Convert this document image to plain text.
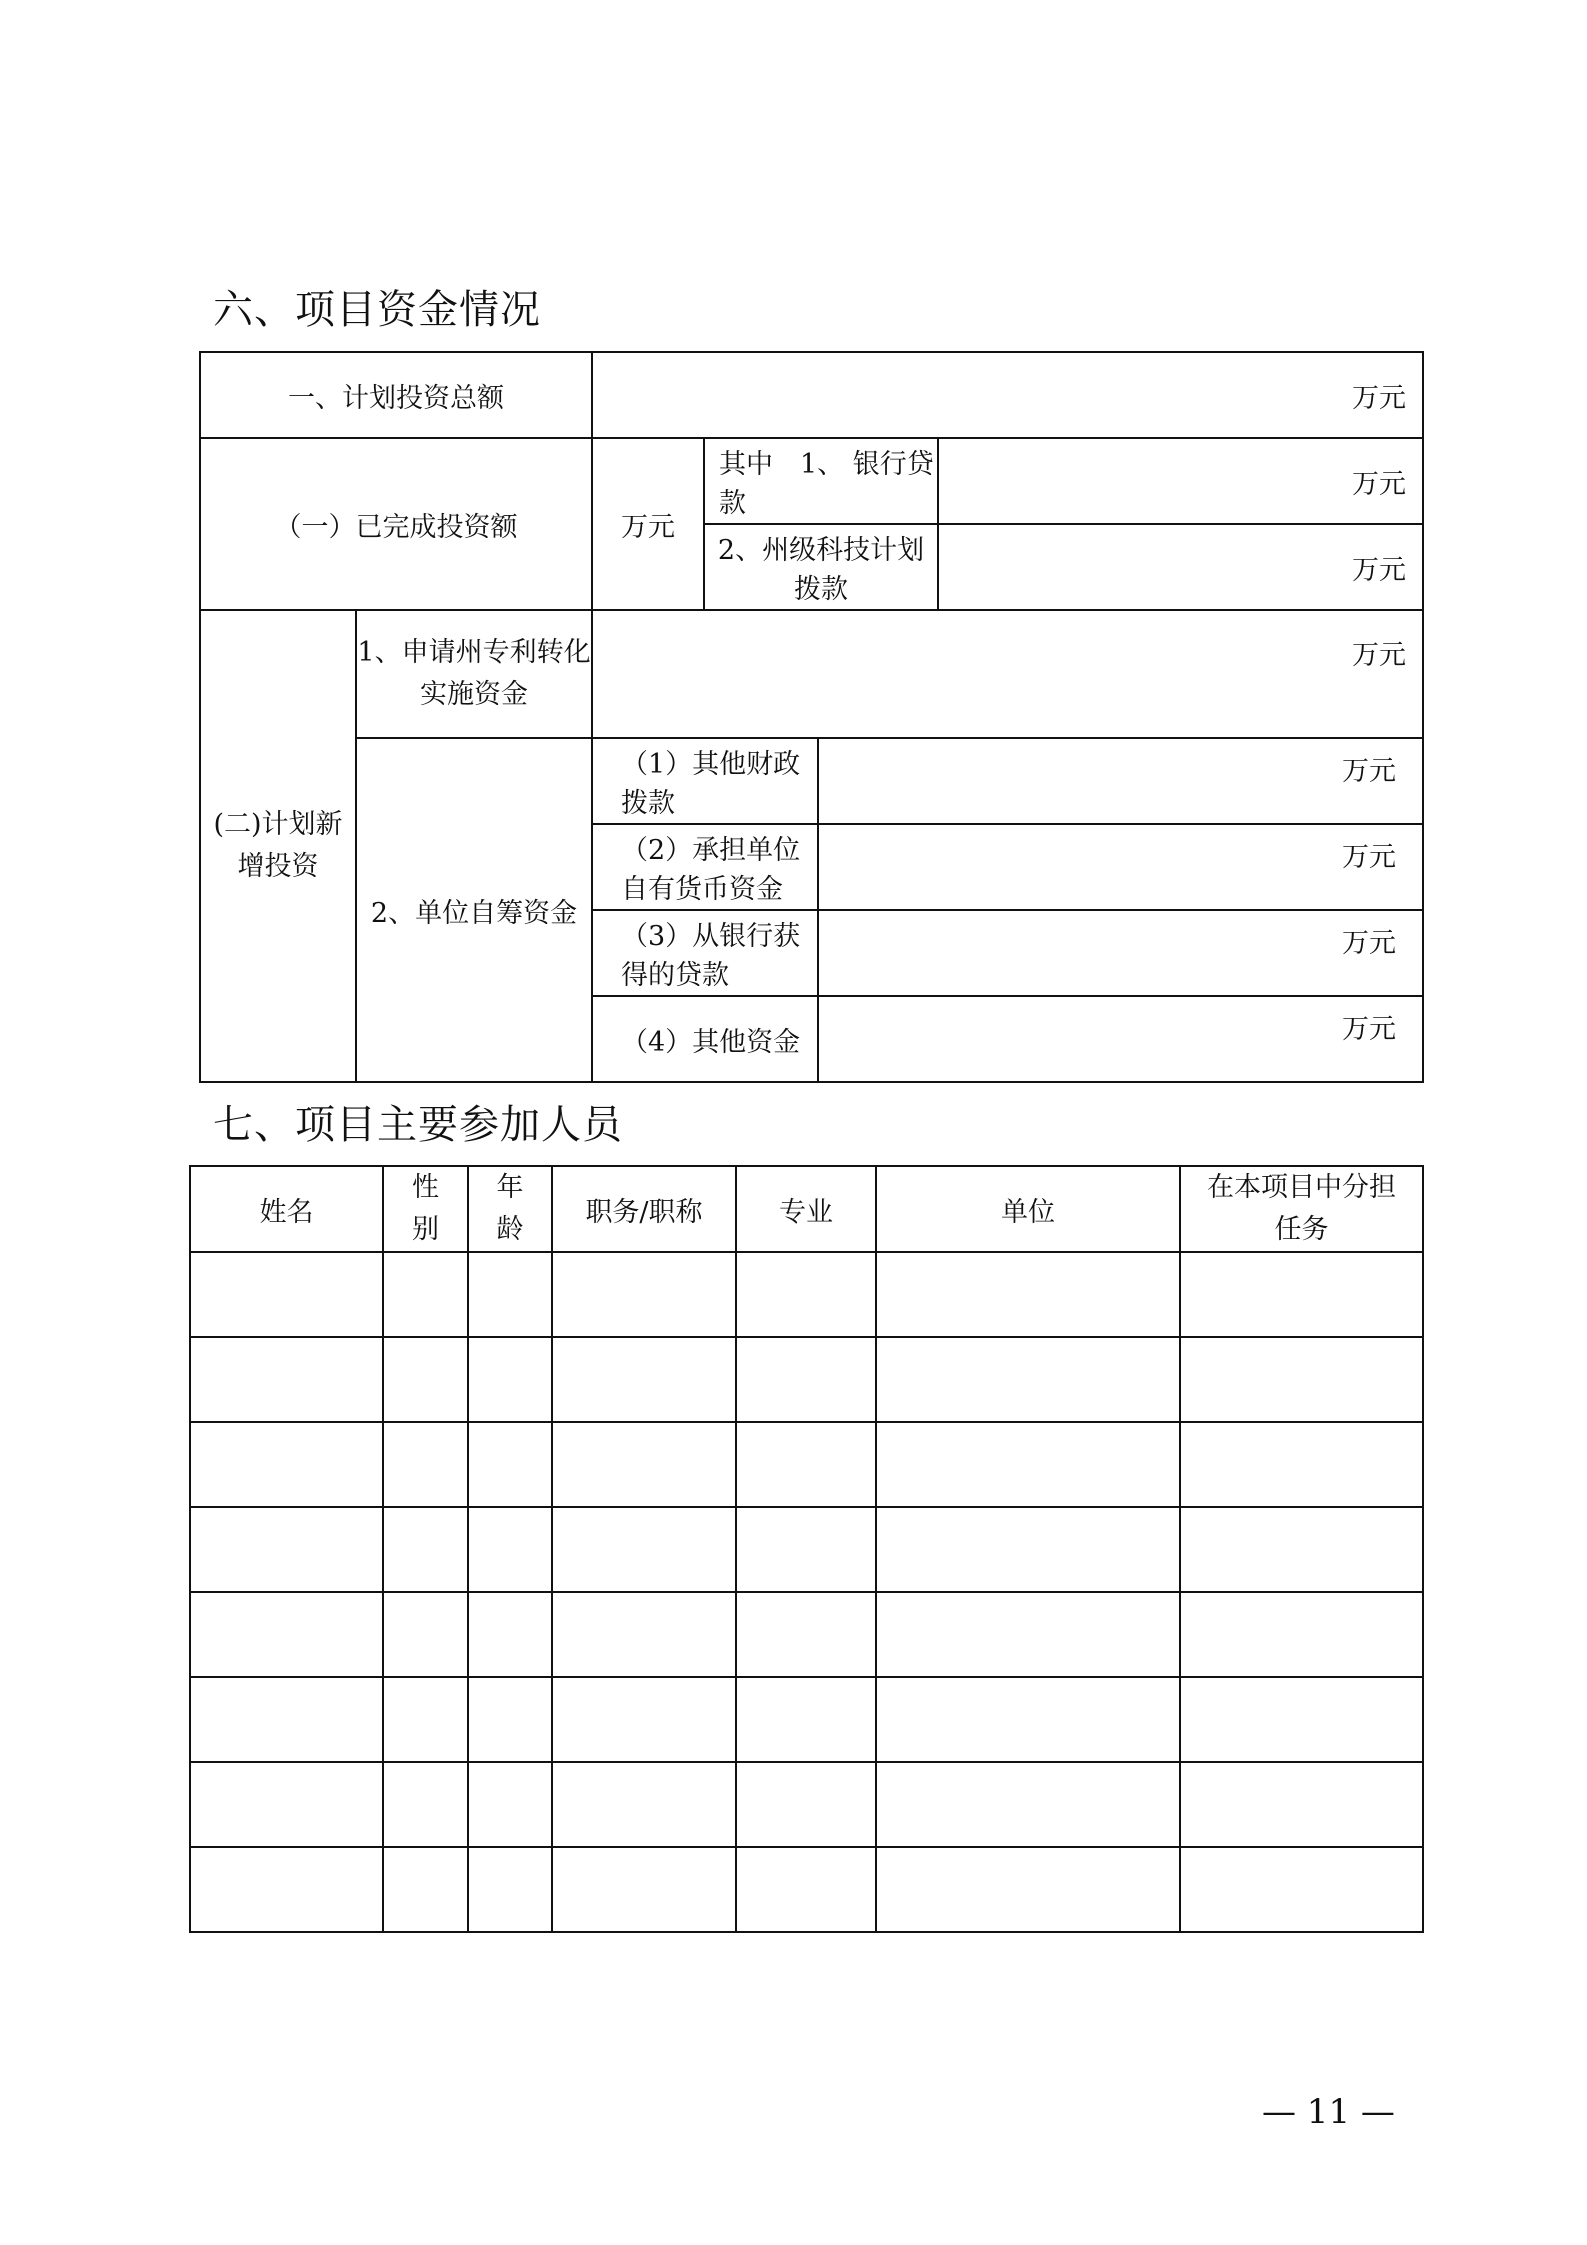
六、项目资金情况
一、计划投资总额		万元			
（一）已完成投资额		万元	其中　1、 银行贷款		万元
			2、州级科技计划拨款		万元
(二)计划新增投资	1、申请州专利转化实施资金	万元			
	2、单位自筹资金	（1）其他财政拨款		万元	
		（2）承担单位自有货币资金		万元	
		（3）从银行获得的贷款		万元	
		（4）其他资金		万元	
七、项目主要参加人员
姓名	性别	年龄	职务/职称	专业	单位	在本项目中分担任务

— 11 —
